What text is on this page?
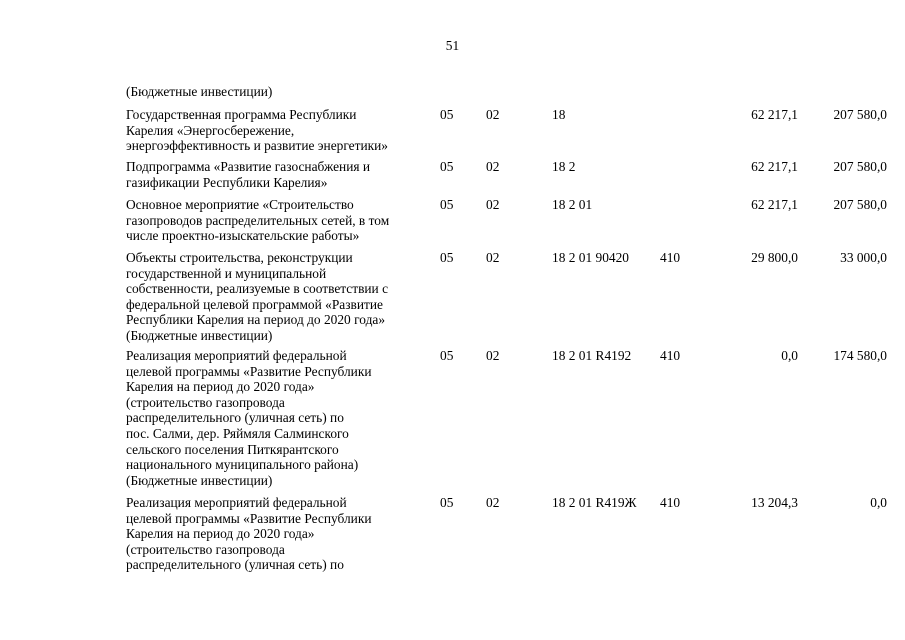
51
(Бюджетные инвестиции)
Государственная программа Республики
Карелия «Энергосбережение,
энергоэффективность и развитие энергетики»
05 02	18	62 217,1	207 580,0
Подпрограмма «Развитие газоснабжения и
газификации Республики Карелия»
05 02	18 2	62 217,1	207 580,0
Основное мероприятие «Строительство
газопроводов распределительных сетей, в том
числе проектно-изыскательские работы»
05 02	18 2 01	62 217,1	207 580,0
Объекты строительства, реконструкции
государственной и муниципальной
собственности, реализуемые в соответствии с
федеральной целевой программой «Развитие
Республики Карелия на период до 2020 года»
(Бюджетные инвестиции)
05 02	18 2 01 90420 410	29 800,0	33 000,0
Реализация мероприятий федеральной
целевой программы «Развитие Республики
Карелия на период до 2020 года»
(строительство газопровода
распределительного (уличная сеть) по
пос. Салми, дер. Ряймяля Салминского
сельского поселения Питкярантского
национального муниципального района)
(Бюджетные инвестиции)
05 02	18 2 01 R4192 410	0,0	174 580,0
Реализация мероприятий федеральной
целевой программы «Развитие Республики
Карелия на период до 2020 года»
(строительство газопровода
распределительного (уличная сеть) по
05 02	18 2 01 R419Ж 410	13 204,3	0,0
